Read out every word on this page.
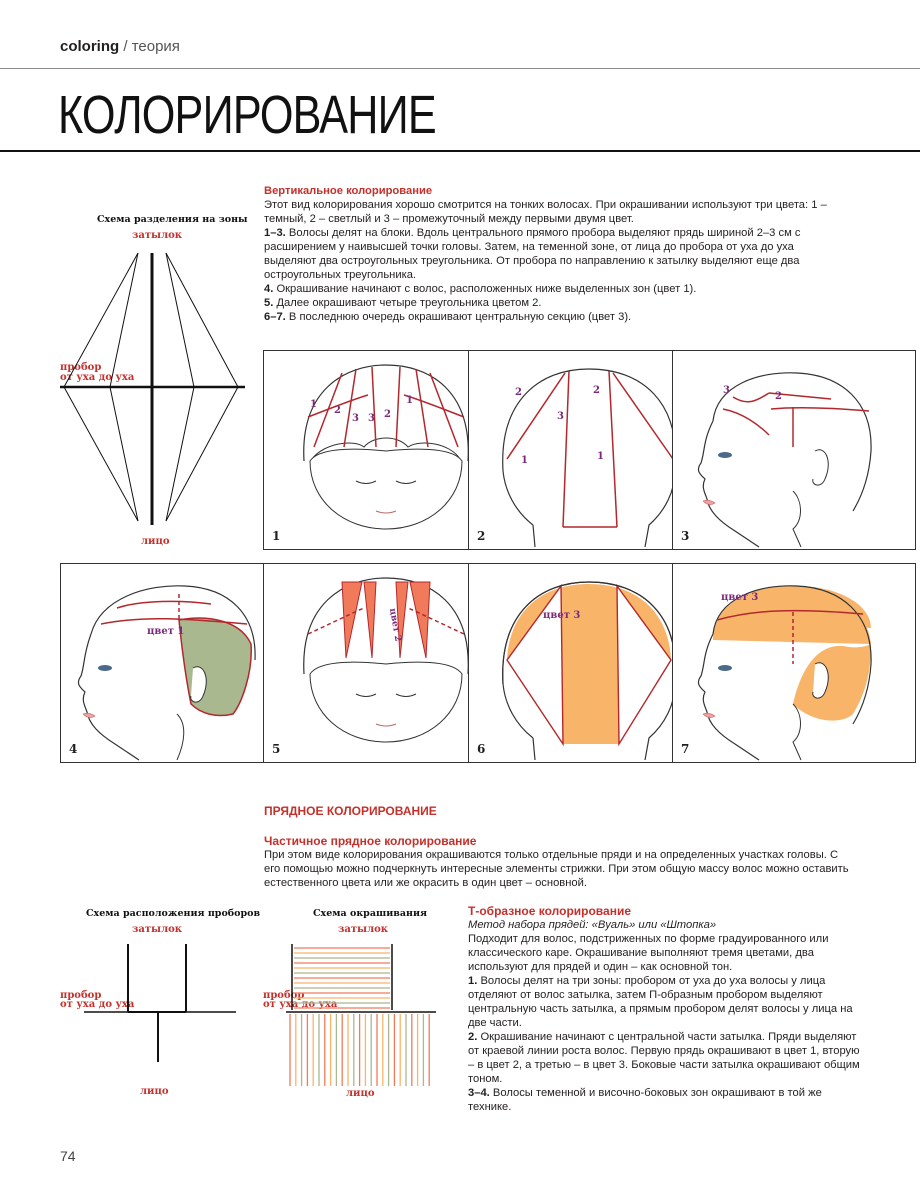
coloring / теория
КОЛОРИРОВАНИЕ
Схема разделения на зоны
затылок
пробор
от уха до уха
лицо

Вертикальное колорирование

Этот вид колорирования хорошо смотрится на тонких волосах. При окрашивании используют три цвета: 1 – темный, 2 – светлый и 3 – промежуточный между первыми двумя цвет.

1–3. Волосы делят на блоки. Вдоль центрального прямого пробора выделяют прядь шириной 2–3 см с расширением у наивысшей точки головы. Затем, на теменной зоне, от лица до пробора от уха до уха выделяют два остроугольных треугольника. От пробора по направлению к затылку выделяют еще два остроугольных треугольника.

4. Окрашивание начинают с волос, расположенных ниже выделенных зон (цвет 1).

5. Далее окрашивают четыре треугольника цветом 2.

6–7. В последнюю очередь окрашивают центральную секцию (цвет 3).

1
2
3 3 2
1
1
2
3
2
1	1
2
3
2
3
цвет 1
4
цвет 2
5
цвет 3
6
цвет 3
7

ПРЯДНОЕ КОЛОРИРОВАНИЕ

Частичное прядное колорирование

При этом виде колорирования окрашиваются только отдельные пряди и на определенных участках головы. С его помощью можно подчеркнуть интересные элементы стрижки. При этом общую массу волос можно оставить естественного цвета или же окрасить в один цвет – основной.

Схема расположения проборов
затылок
пробор
от уха до уха
лицо
Схема окрашивания
затылок
пробор
от уха до уха
лицо

Т-образное колорирование

Метод набора прядей: «Вуаль» или «Штопка»

Подходит для волос, подстриженных по форме градуированного или классического каре. Окрашивание выполняют тремя цветами, два используют для прядей и один – как основной тон.

1. Волосы делят на три зоны: пробором от уха до уха волосы у лица отделяют от волос затылка, затем П-образным пробором выделяют центральную часть затылка, а прямым пробором делят волосы у лица на две части.

2. Окрашивание начинают с центральной части затылка. Пряди выделяют от краевой линии роста волос. Первую прядь окрашивают в цвет 1, вторую – в цвет 2, а третью – в цвет 3. Боковые части затылка окрашивают общим тоном.

3–4. Волосы теменной и височно-боковых зон окрашивают в той же технике.

74
